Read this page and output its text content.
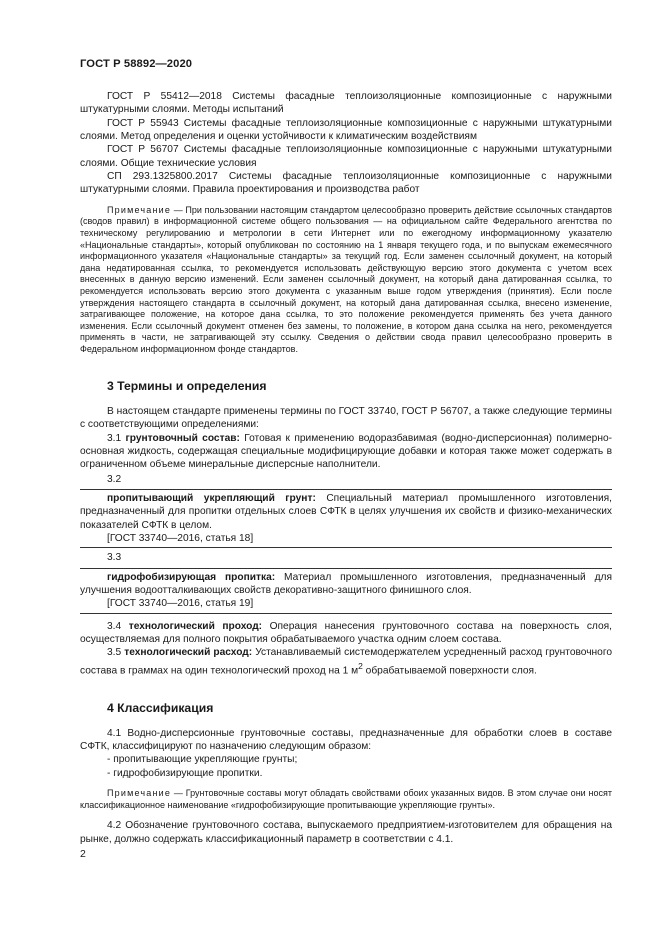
ГОСТ Р 58892—2020

ГОСТ Р 55412—2018 Системы фасадные теплоизоляционные композиционные с наружными штукатурными слоями. Методы испытаний

ГОСТ Р 55943 Системы фасадные теплоизоляционные композиционные с наружными штукатурными слоями. Метод определения и оценки устойчивости к климатическим воздействиям

ГОСТ Р 56707 Системы фасадные теплоизоляционные композиционные с наружными штукатурными слоями. Общие технические условия

СП 293.1325800.2017 Системы фасадные теплоизоляционные композиционные с наружными штукатурными слоями. Правила проектирования и производства работ

Примечание — При пользовании настоящим стандартом целесообразно проверить действие ссылочных стандартов (сводов правил) в информационной системе общего пользования — на официальном сайте Федерального агентства по техническому регулированию и метрологии в сети Интернет или по ежегодному информационному указателю «Национальные стандарты», который опубликован по состоянию на 1 января текущего года, и по выпускам ежемесячного информационного указателя «Национальные стандарты» за текущий год. Если заменен ссылочный документ, на который дана недатированная ссылка, то рекомендуется использовать действующую версию этого документа с учетом всех внесенных в данную версию изменений. Если заменен ссылочный документ, на который дана датированная ссылка, то рекомендуется использовать версию этого документа с указанным выше годом утверждения (принятия). Если после утверждения настоящего стандарта в ссылочный документ, на который дана датированная ссылка, внесено изменение, затрагивающее положение, на которое дана ссылка, то это положение рекомендуется применять без учета данного изменения. Если ссылочный документ отменен без замены, то положение, в котором дана ссылка на него, рекомендуется применять в части, не затрагивающей эту ссылку. Сведения о действии свода правил целесообразно проверить в Федеральном информационном фонде стандартов.

3 Термины и определения

В настоящем стандарте применены термины по ГОСТ 33740, ГОСТ Р 56707, а также следующие термины с соответствующими определениями:

3.1 грунтовочный состав: Готовая к применению водоразбавимая (водно-дисперсионная) полимерно-основная жидкость, содержащая специальные модифицирующие добавки и которая также может содержать в ограниченном объеме минеральные дисперсные наполнители.

3.2

пропитывающий укрепляющий грунт: Специальный материал промышленного изготовления, предназначенный для пропитки отдельных слоев СФТК в целях улучшения их свойств и физико-механических показателей СФТК в целом.

[ГОСТ 33740—2016, статья 18]
3.3

гидрофобизирующая пропитка: Материал промышленного изготовления, предназначенный для улучшения водоотталкивающих свойств декоративно-защитного финишного слоя.

[ГОСТ 33740—2016, статья 19]

3.4 технологический проход: Операция нанесения грунтовочного состава на поверхность слоя, осуществляемая для полного покрытия обрабатываемого участка одним слоем состава.

3.5 технологический расход: Устанавливаемый системодержателем усредненный расход грунтовочного состава в граммах на один технологический проход на 1 $м^2$ обрабатываемой поверхности слоя.

4 Классификация

4.1 Водно-дисперсионные грунтовочные составы, предназначенные для обработки слоев в составе СФТК, классифицируют по назначению следующим образом:

- пропитывающие укрепляющие грунты;
- гидрофобизирующие пропитки.

Примечание — Грунтовочные составы могут обладать свойствами обоих указанных видов. В этом случае они носят классификационное наименование «гидрофобизирующие пропитывающие укрепляющие грунты».

4.2 Обозначение грунтовочного состава, выпускаемого предприятием-изготовителем для обращения на рынке, должно содержать классификационный параметр в соответствии с 4.1.

2
